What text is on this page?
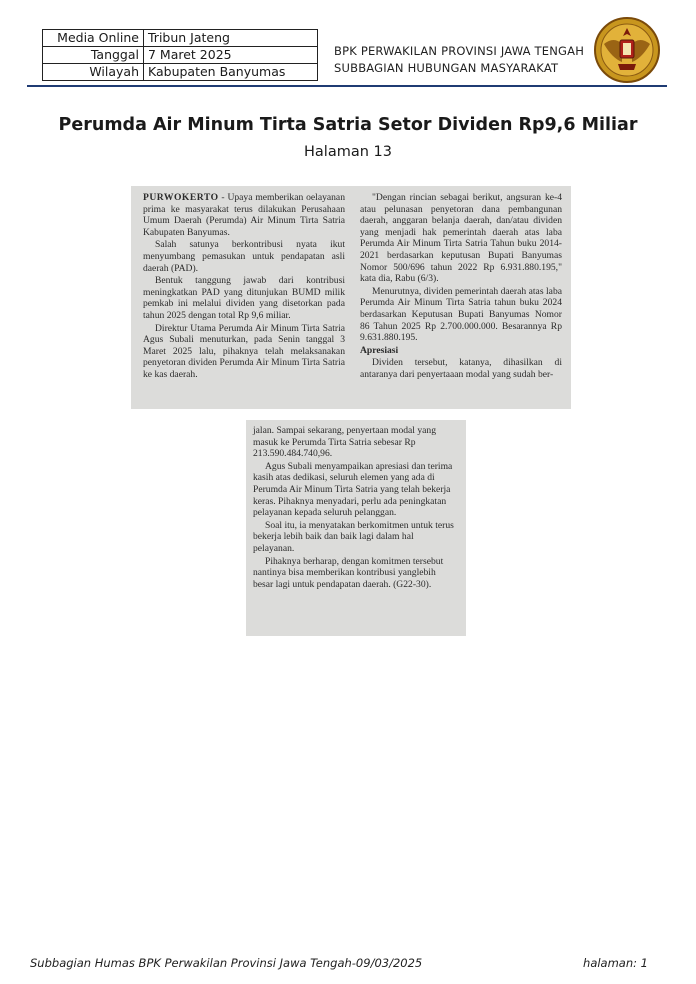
Media Online	Tribun Jateng
Tanggal	7 Maret 2025
Wilayah	Kabupaten Banyumas
BPK PERWAKILAN PROVINSI JAWA TENGAH
SUBBAGIAN HUBUNGAN MASYARAKAT
Perumda Air Minum Tirta Satria Setor Dividen Rp9,6 Miliar
Halaman 13

PURWOKERTO - Upaya memberikan oelayanan prima ke masyarakat terus dilakukan Perusahaan Umum Daerah (Perumda) Air Minum Tirta Satria Kabupaten Banyumas.

Salah satunya berkontribusi nyata ikut menyumbang pemasukan untuk pendapatan asli daerah (PAD).

Bentuk tanggung jawab dari kontribusi meningkatkan PAD yang ditunjukan BUMD milik pemkab ini melalui dividen yang disetorkan pada tahun 2025 dengan total Rp 9,6 miliar.

Direktur Utama Perumda Air Minum Tirta Satria Agus Subali menuturkan, pada Senin tanggal 3 Maret 2025 lalu, pihaknya telah melaksanakan penyetoran dividen Perumda Air Minum Tirta Satria ke kas daerah.

"Dengan rincian sebagai berikut, angsuran ke-4 atau pelunasan penyetoran dana pembangunan daerah, anggaran belanja daerah, dan/atau dividen yang menjadi hak pemerintah daerah atas laba Perumda Air Minum Tirta Satria Tahun buku 2014-2021 berdasarkan keputusan Bupati Banyumas Nomor 500/696 tahun 2022 Rp 6.931.880.195," kata dia, Rabu (6/3).

Menurutnya, dividen pemerintah daerah atas laba Perumda Air Minum Tirta Satria tahun buku 2024 berdasarkan Keputusan Bupati Banyumas Nomor 86 Tahun 2025 Rp 2.700.000.000. Besarannya Rp 9.631.880.195.

Apresiasi

Dividen tersebut, katanya, dihasilkan di antaranya dari penyertaaan modal yang sudah ber-

jalan. Sampai sekarang, penyertaan modal yang masuk ke Perumda Tirta Satria sebesar Rp 213.590.484.740,96.

Agus Subali menyampaikan apresiasi dan terima kasih atas dedikasi, seluruh elemen yang ada di Perumda Air Minum Tirta Satria yang telah bekerja keras. Pihaknya menyadari, perlu ada peningkatan pelayanan kepada seluruh pelanggan.

Soal itu, ia menyatakan berkomitmen untuk terus bekerja lebih baik dan baik lagi dalam hal pelayanan.

Pihaknya berharap, dengan komitmen tersebut nantinya bisa memberikan kontribusi yanglebih besar lagi untuk pendapatan daerah. (G22-30).

Subbagian Humas BPK Perwakilan Provinsi Jawa Tengah-09/03/2025	halaman: 1
